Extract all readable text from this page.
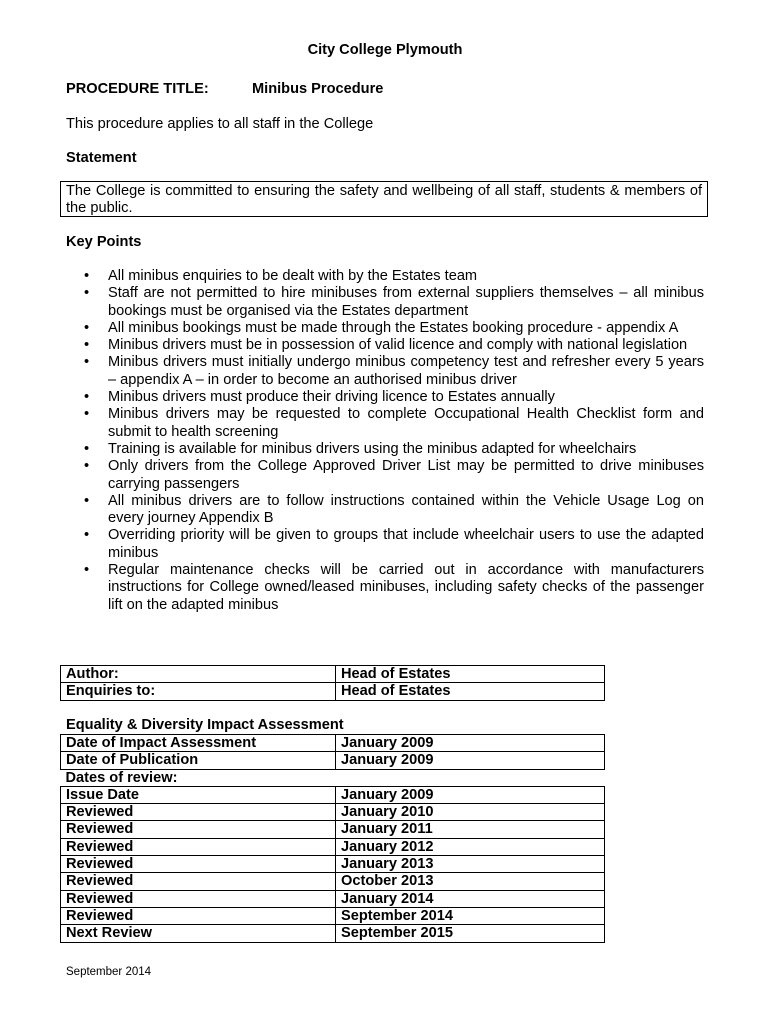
City College Plymouth
PROCEDURE TITLE:	Minibus Procedure
This procedure applies to all staff in the College
Statement
The College is committed to ensuring the safety and wellbeing of all staff, students & members of the public.
Key Points
• All minibus enquiries to be dealt with by the Estates team
• Staff are not permitted to hire minibuses from external suppliers themselves – all minibus bookings must be organised via the Estates department
• All minibus bookings must be made through the Estates booking procedure - appendix A
• Minibus drivers must be in possession of valid licence and comply with national legislation
• Minibus drivers must initially undergo minibus competency test and refresher every 5 years – appendix A – in order to become an authorised minibus driver
• Minibus drivers must produce their driving licence to Estates annually
• Minibus drivers may be requested to complete Occupational Health Checklist form and submit to health screening
• Training is available for minibus drivers using the minibus adapted for wheelchairs
• Only drivers from the College Approved Driver List may be permitted to drive minibuses carrying passengers
• All minibus drivers are to follow instructions contained within the Vehicle Usage Log on every journey Appendix B
• Overriding priority will be given to groups that include wheelchair users to use the adapted minibus
• Regular maintenance checks will be carried out in accordance with manufacturers instructions for College owned/leased minibuses, including safety checks of the passenger lift on the adapted minibus
Author:	Head of Estates
Enquiries to:	Head of Estates
Equality & Diversity Impact Assessment
Date of Impact Assessment	January 2009
Date of Publication	January 2009
Dates of review:	
Issue Date	January 2009
Reviewed	January 2010
Reviewed	January 2011
Reviewed	January 2012
Reviewed	January 2013
Reviewed	October 2013
Reviewed	January 2014
Reviewed	September 2014
Next Review	September 2015
September 2014
